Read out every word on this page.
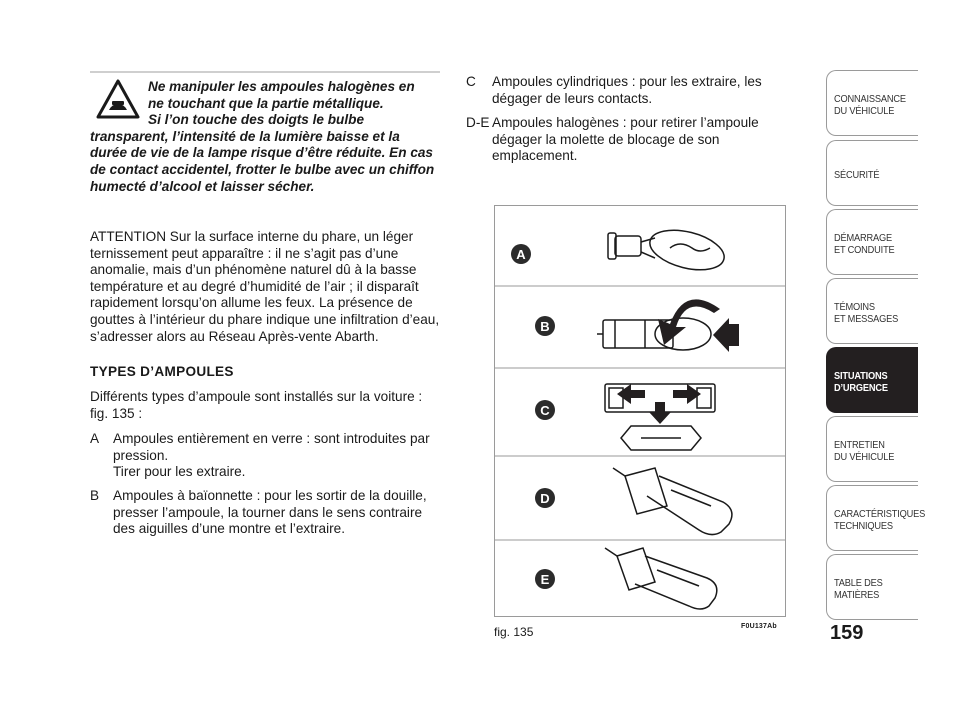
Ne manipuler les ampoules halogènes en
ne touchant que la partie métallique.
Si l’on touche des doigts le bulbe
transparent, l’intensité de la lumière baisse et la durée de vie de la lampe risque d’être réduite. En cas de contact accidentel, frotter le bulbe avec un chiffon humecté d’alcool et laisser sécher.

ATTENTION Sur la surface interne du phare, un léger ternissement peut apparaître : il ne s’agit pas d’une anomalie, mais d’un phénomène naturel dû à la basse température et au degré d’humidité de l’air ; il disparaît rapidement lorsqu’on allume les feux. La présence de gouttes à l’intérieur du phare indique une infiltration d’eau, s’adresser alors au Réseau Après-vente Abarth.

TYPES D’AMPOULES

Différents types d’ampoule sont installés sur la voiture : fig. 135 :

A	Ampoules entièrement en verre : sont introduites par pression.
Tirer pour les extraire.
B	Ampoules à baïonnette : pour les sortir de la douille, presser l’ampoule, la tourner dans le sens contraire des aiguilles d’une montre et l’extraire.
C	Ampoules cylindriques : pour les extraire, les dégager de leurs contacts.
D-E Ampoules halogènes : pour retirer l’ampoule dégager la molette de blocage de son emplacement.
A
B
C
D
E
fig. 135	F0U137Ab
CONNAISSANCE
DU VÉHICULE
SÉCURITÉ
DÉMARRAGE
ET CONDUITE
TÉMOINS
ET MESSAGES
SITUATIONS
D’URGENCE
ENTRETIEN
DU VÉHICULE
CARACTÉRISTIQUES
TECHNIQUES
TABLE DES
MATIÈRES
159
